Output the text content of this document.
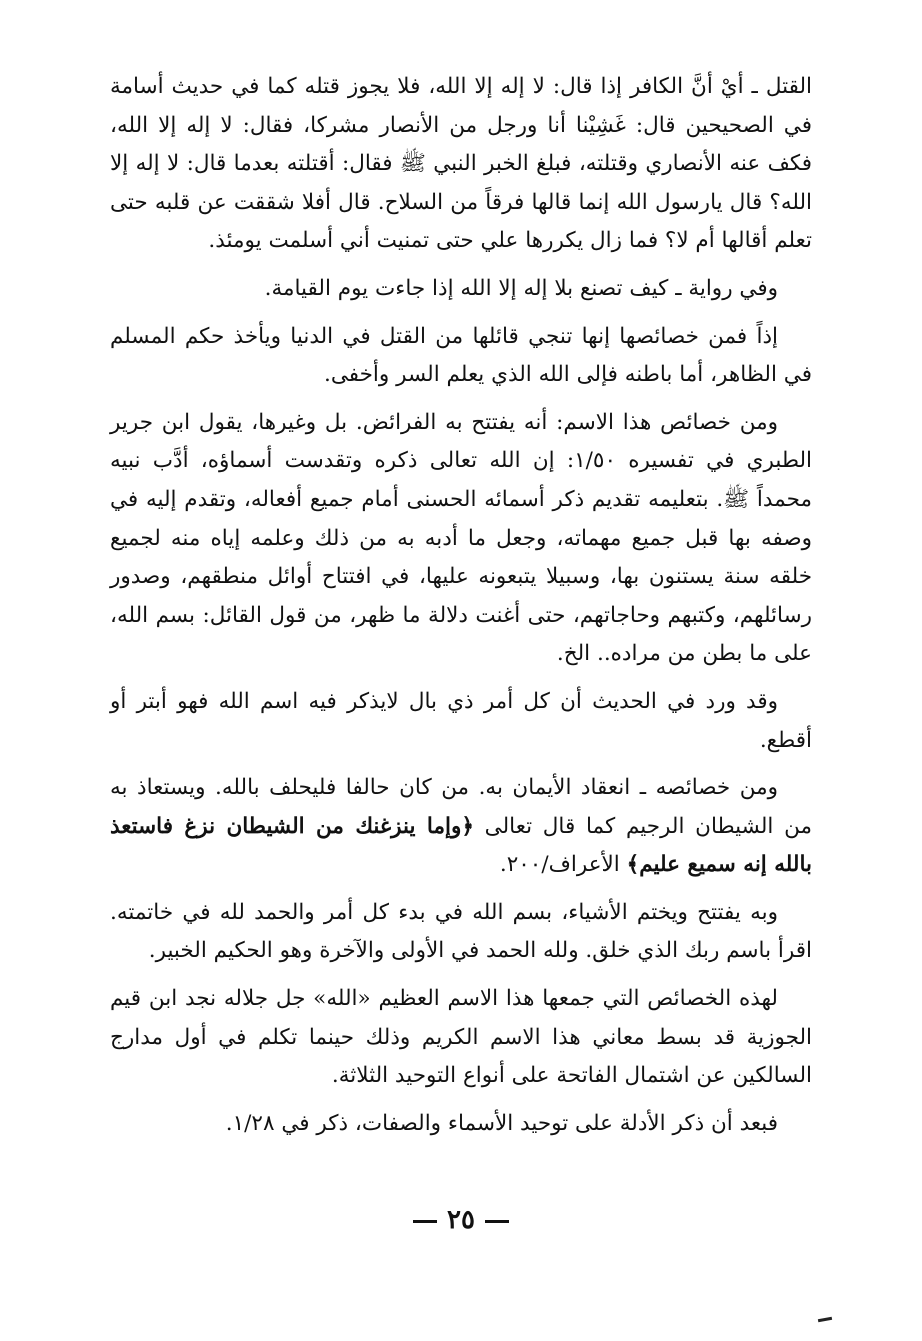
القتل ـ أيْ أنَّ الكافر إذا قال: لا إله إلا الله، فلا يجوز قتله كما في حديث أسامة في الصحيحين قال: غَشِيْنا أنا ورجل من الأنصار مشركا، فقال: لا إله إلا الله، فكف عنه الأنصاري وقتلته، فبلغ الخبر النبي ﷺ فقال: أقتلته بعدما قال: لا إله إلا الله؟ قال يارسول الله إنما قالها فرقاً من السلاح. قال أفلا شققت عن قلبه حتى تعلم أقالها أم لا؟ فما زال يكررها علي حتى تمنيت أني أسلمت يومئذ.

وفي رواية ـ كيف تصنع بلا إله إلا الله إذا جاءت يوم القيامة.

إذاً فمن خصائصها إنها تنجي قائلها من القتل في الدنيا ويأخذ حكم المسلم في الظاهر، أما باطنه فإلى الله الذي يعلم السر وأخفى.

ومن خصائص هذا الاسم: أنه يفتتح به الفرائض. بل وغيرها، يقول ابن جرير الطبري في تفسيره ١/٥٠: إن الله تعالى ذكره وتقدست أسماؤه، أدَّب نبيه محمداً ﷺ. بتعليمه تقديم ذكر أسمائه الحسنى أمام جميع أفعاله، وتقدم إليه في وصفه بها قبل جميع مهماته، وجعل ما أدبه به من ذلك وعلمه إياه منه لجميع خلقه سنة يستنون بها، وسبيلا يتبعونه عليها، في افتتاح أوائل منطقهم، وصدور رسائلهم، وكتبهم وحاجاتهم، حتى أغنت دلالة ما ظهر، من قول القائل: بسم الله، على ما بطن من مراده.. الخ.

وقد ورد في الحديث أن كل أمر ذي بال لايذكر فيه اسم الله فهو أبتر أو أقطع.

ومن خصائصه ـ انعقاد الأيمان به. من كان حالفا فليحلف بالله. ويستعاذ به من الشيطان الرجيم كما قال تعالى ﴿وإما ينزغنك من الشيطان نزغ فاستعذ بالله إنه سميع عليم﴾ الأعراف/٢٠٠.

وبه يفتتح ويختم الأشياء، بسم الله في بدء كل أمر والحمد لله في خاتمته. اقرأ باسم ربك الذي خلق. ولله الحمد في الأولى والآخرة وهو الحكيم الخبير.

لهذه الخصائص التي جمعها هذا الاسم العظيم «الله» جل جلاله نجد ابن قيم الجوزية قد بسط معاني هذا الاسم الكريم وذلك حينما تكلم في أول مدارج السالكين عن اشتمال الفاتحة على أنواع التوحيد الثلاثة.

فبعد أن ذكر الأدلة على توحيد الأسماء والصفات، ذكر في ١/٢٨.

٢٥
